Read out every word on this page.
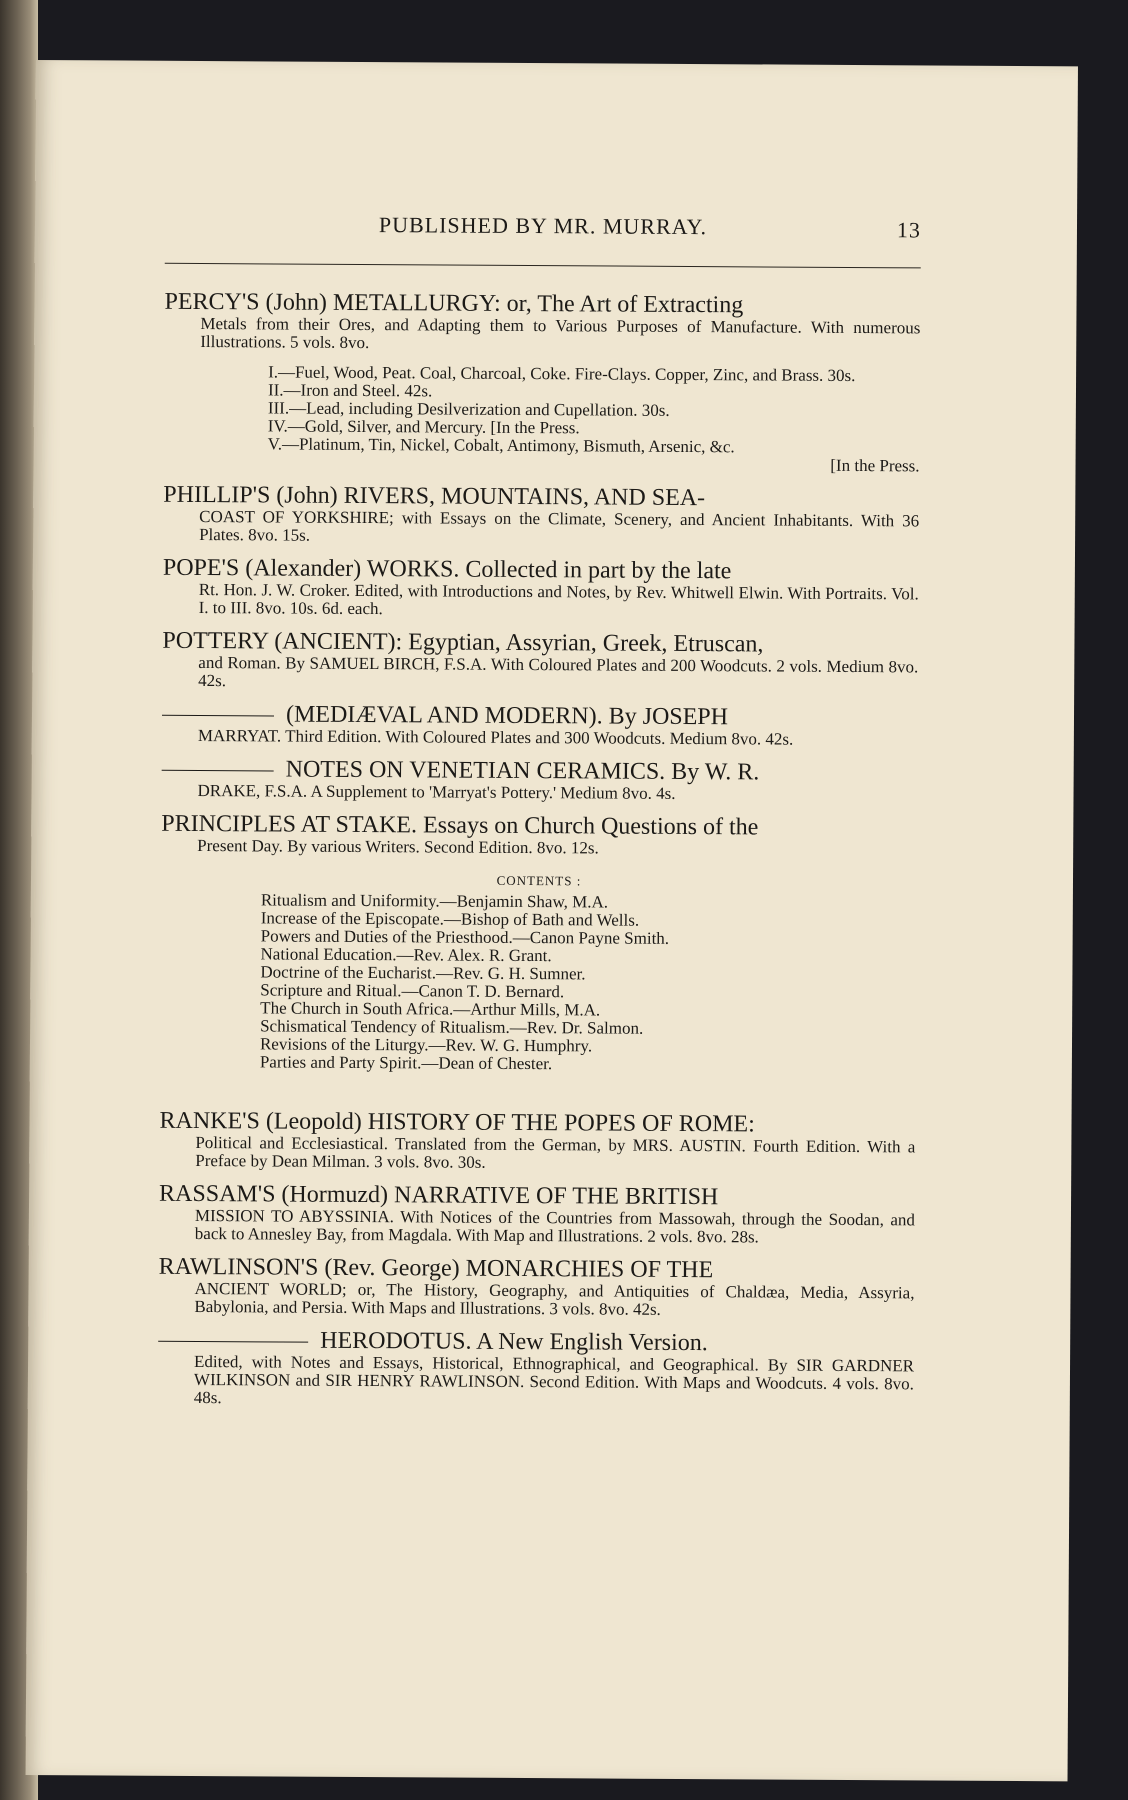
PUBLISHED BY MR. MURRAY.	13
PERCY'S (John) METALLURGY: or, The Art of Extracting
Metals from their Ores, and Adapting them to Various Purposes of Manufacture. With numerous Illustrations. 5 vols. 8vo.
I.—Fuel, Wood, Peat. Coal, Charcoal, Coke. Fire-Clays. Copper, Zinc, and Brass. 30s.
II.—Iron and Steel. 42s.
III.—Lead, including Desilverization and Cupellation. 30s.
IV.—Gold, Silver, and Mercury. [In the Press.
V.—Platinum, Tin, Nickel, Cobalt, Antimony, Bismuth, Arsenic, &c.
[In the Press.
PHILLIP'S (John) RIVERS, MOUNTAINS, AND SEA-
COAST OF YORKSHIRE; with Essays on the Climate, Scenery, and Ancient Inhabitants. With 36 Plates. 8vo. 15s.
POPE'S (Alexander) WORKS. Collected in part by the late
Rt. Hon. J. W. Croker. Edited, with Introductions and Notes, by Rev. Whitwell Elwin. With Portraits. Vol. I. to III. 8vo. 10s. 6d. each.
POTTERY (ANCIENT): Egyptian, Assyrian, Greek, Etruscan,
and Roman. By SAMUEL BIRCH, F.S.A. With Coloured Plates and 200 Woodcuts. 2 vols. Medium 8vo. 42s.
(MEDIÆVAL AND MODERN). By JOSEPH
MARRYAT. Third Edition. With Coloured Plates and 300 Woodcuts. Medium 8vo. 42s.
NOTES ON VENETIAN CERAMICS. By W. R.
DRAKE, F.S.A. A Supplement to 'Marryat's Pottery.' Medium 8vo. 4s.
PRINCIPLES AT STAKE. Essays on Church Questions of the
Present Day. By various Writers. Second Edition. 8vo. 12s.
CONTENTS :
Ritualism and Uniformity.—Benjamin Shaw, M.A.
Increase of the Episcopate.—Bishop of Bath and Wells.
Powers and Duties of the Priesthood.—Canon Payne Smith.
National Education.—Rev. Alex. R. Grant.
Doctrine of the Eucharist.—Rev. G. H. Sumner.
Scripture and Ritual.—Canon T. D. Bernard.
The Church in South Africa.—Arthur Mills, M.A.
Schismatical Tendency of Ritualism.—Rev. Dr. Salmon.
Revisions of the Liturgy.—Rev. W. G. Humphry.
Parties and Party Spirit.—Dean of Chester.
RANKE'S (Leopold) HISTORY OF THE POPES OF ROME:
Political and Ecclesiastical. Translated from the German, by MRS. AUSTIN. Fourth Edition. With a Preface by Dean Milman. 3 vols. 8vo. 30s.
RASSAM'S (Hormuzd) NARRATIVE OF THE BRITISH
MISSION TO ABYSSINIA. With Notices of the Countries from Massowah, through the Soodan, and back to Annesley Bay, from Magdala. With Map and Illustrations. 2 vols. 8vo. 28s.
RAWLINSON'S (Rev. George) MONARCHIES OF THE
ANCIENT WORLD; or, The History, Geography, and Antiquities of Chaldæa, Media, Assyria, Babylonia, and Persia. With Maps and Illustrations. 3 vols. 8vo. 42s.
HERODOTUS. A New English Version.
Edited, with Notes and Essays, Historical, Ethnographical, and Geographical. By SIR GARDNER WILKINSON and SIR HENRY RAWLINSON. Second Edition. With Maps and Woodcuts. 4 vols. 8vo. 48s.
